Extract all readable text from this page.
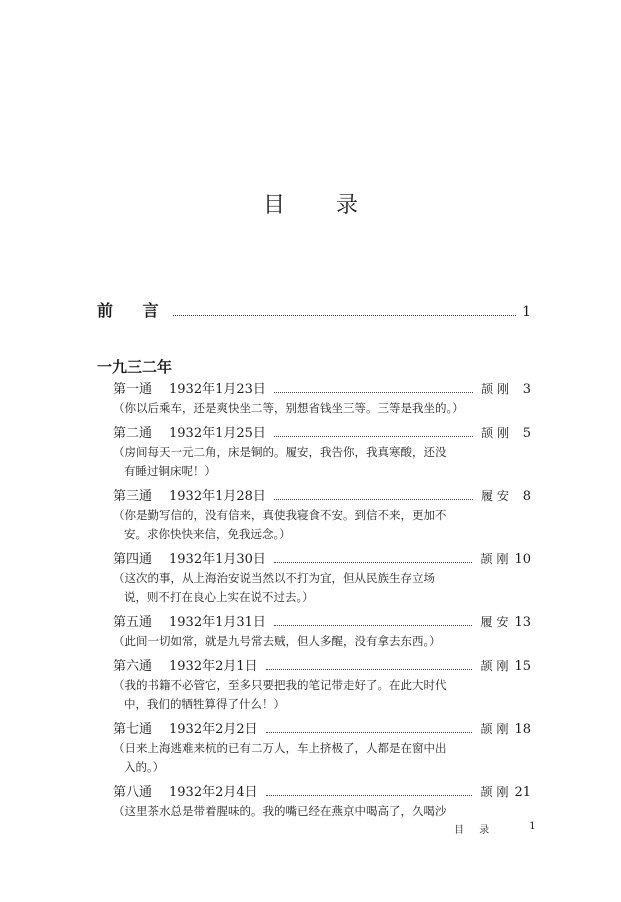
目 录
前 言	1
一九三二年
第一通	1932年1月23日	颉刚 3
（你以后乘车，还是爽快坐二等，别想省钱坐三等。三等是我坐的。）
第二通	1932年1月25日	颉刚 5
（房间每天一元二角，床是铜的。履安，我告你，我真寒酸，还没
有睡过铜床呢！）
第三通	1932年1月28日	履安 8
（你是勤写信的，没有信来，真使我寝食不安。到信不来，更加不
安。求你快快来信，免我远念。）
第四通	1932年1月30日	颉刚 10
（这次的事，从上海治安说当然以不打为宜，但从民族生存立场
说，则不打在良心上实在说不过去。）
第五通	1932年1月31日	履安 13
（此间一切如常，就是九号常去贼，但人多醒，没有拿去东西。）
第六通	1932年2月1日	颉刚 15
（我的书籍不必管它，至多只要把我的笔记带走好了。在此大时代
中，我们的牺牲算得了什么！）
第七通	1932年2月2日	颉刚 18
（日来上海逃难来杭的已有二万人，车上挤极了，人都是在窗中出
入的。）
第八通	1932年2月4日	颉刚 21
（这里茶水总是带着腥味的。我的嘴已经在燕京中喝高了，久喝沙
目 录	1
